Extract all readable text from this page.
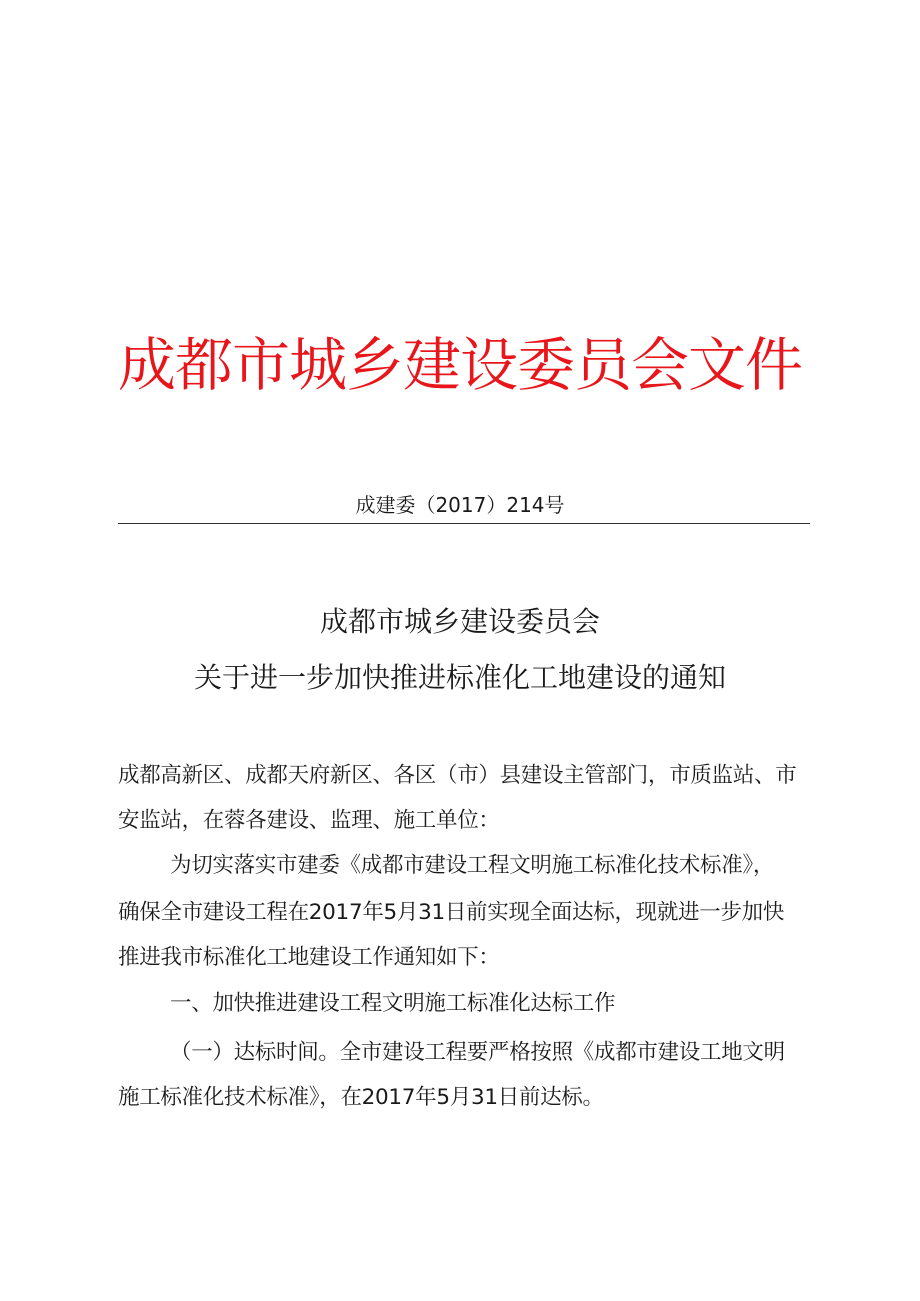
成都市城乡建设委员会文件
成建委（2017）214号
成都市城乡建设委员会
关于进一步加快推进标准化工地建设的通知
成都高新区、成都天府新区、各区（市）县建设主管部门，市质监站、市
安监站，在蓉各建设、监理、施工单位：
为切实落实市建委《成都市建设工程文明施工标准化技术标准》，
确保全市建设工程在2017年5月31日前实现全面达标，现就进一步加快
推进我市标准化工地建设工作通知如下：
一、加快推进建设工程文明施工标准化达标工作
（一）达标时间。全市建设工程要严格按照《成都市建设工地文明
施工标准化技术标准》，在2017年5月31日前达标。
